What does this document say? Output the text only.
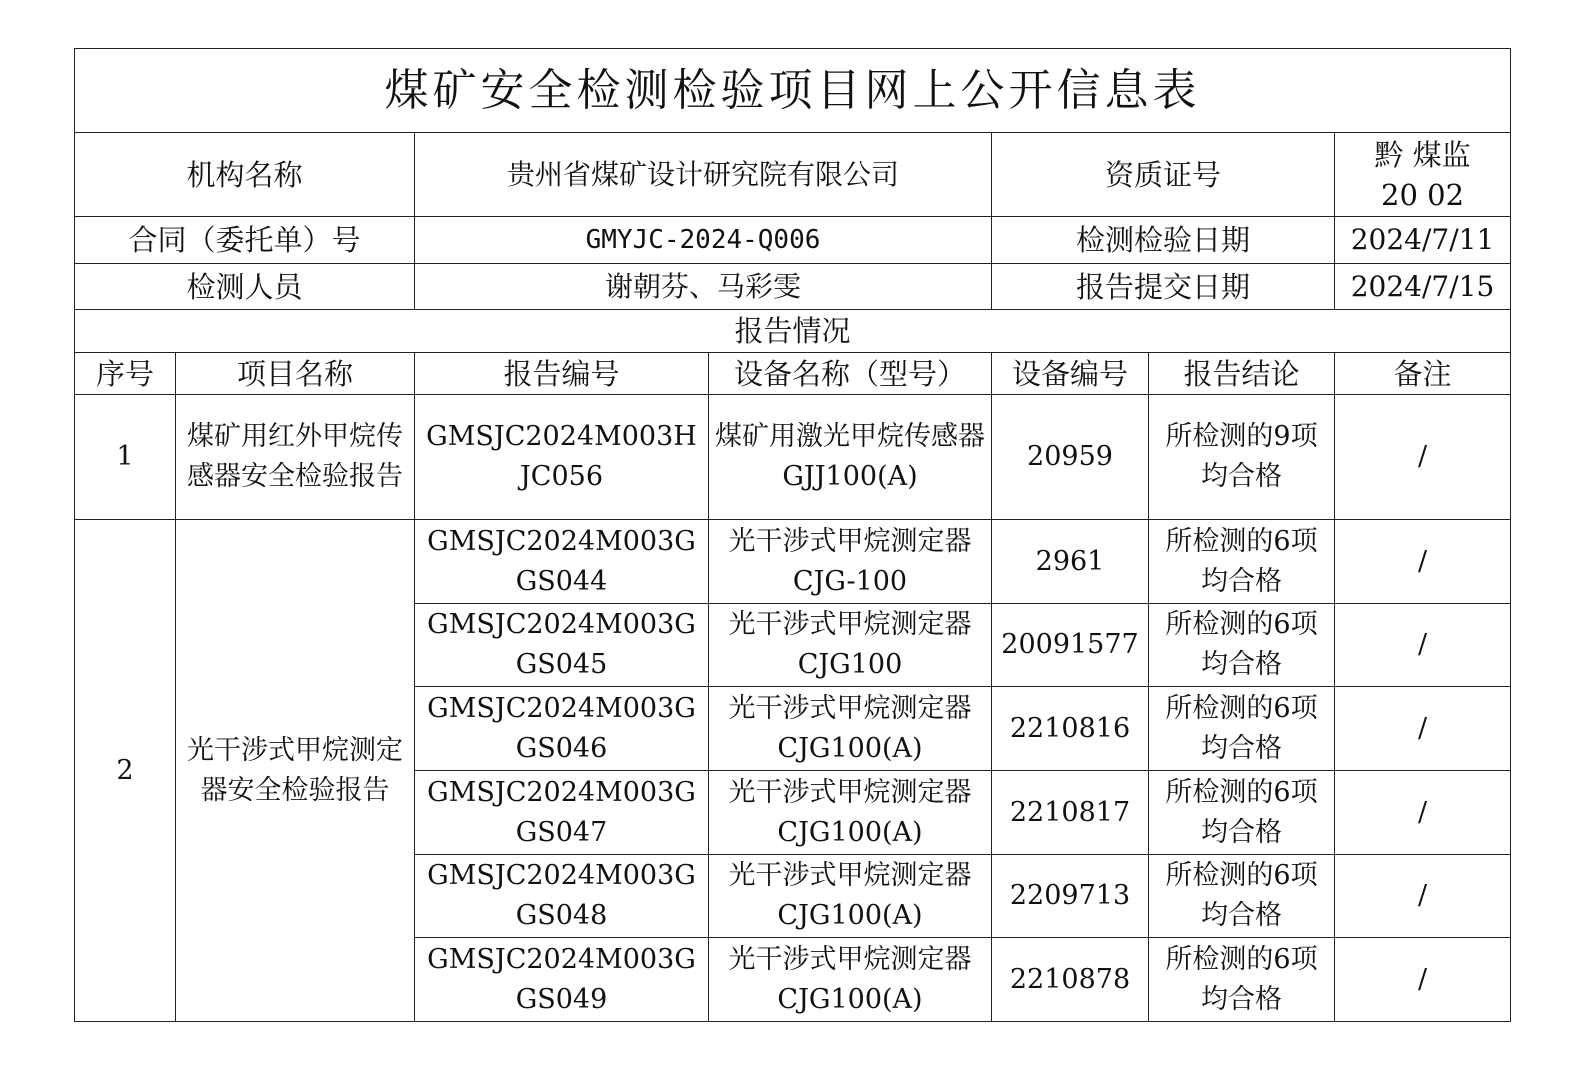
煤矿安全检测检验项目网上公开信息表						
机构名称		贵州省煤矿设计研究院有限公司		资质证号		黔 煤监
20 02

合同（委托单）号		GMYJC-2024-Q006		检测检验日期		2024/7/11
检测人员		谢朝芬、马彩雯		报告提交日期		2024/7/15
报告情况						
序号	项目名称	报告编号	设备名称（型号）	设备编号	报告结论	备注
1	煤矿用红外甲烷传感器安全检验报告	GMSJC2024M003HJC056	煤矿用激光甲烷传感器GJJ100(A)	20959	所检测的9项均合格	/
2	光干涉式甲烷测定器安全检验报告	GMSJC2024M003GGS044	光干涉式甲烷测定器CJG-100	2961	所检测的6项均合格	/
		GMSJC2024M003GGS045	光干涉式甲烷测定器CJG100	20091577	所检测的6项均合格	/
		GMSJC2024M003GGS046	光干涉式甲烷测定器CJG100(A)	2210816	所检测的6项均合格	/
		GMSJC2024M003GGS047	光干涉式甲烷测定器CJG100(A)	2210817	所检测的6项均合格	/
		GMSJC2024M003GGS048	光干涉式甲烷测定器CJG100(A)	2209713	所检测的6项均合格	/
		GMSJC2024M003GGS049	光干涉式甲烷测定器CJG100(A)	2210878	所检测的6项均合格	/
